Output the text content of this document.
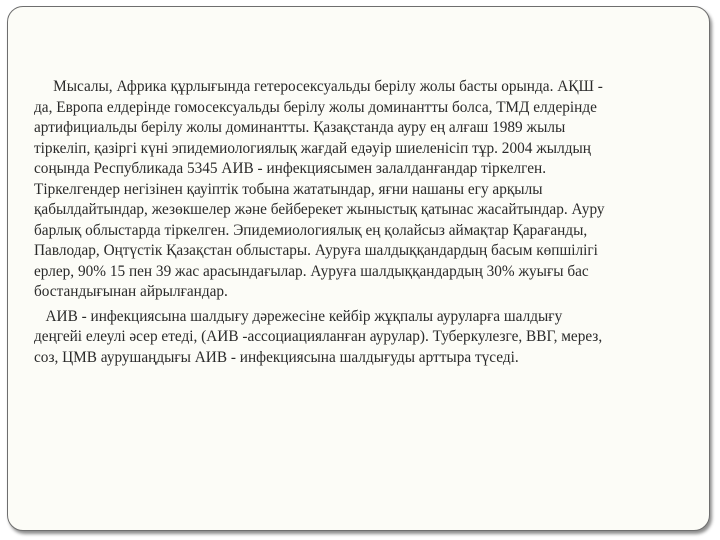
Мысалы, Африка құрлығында гетеросексуальды берілу жолы басты орында. АҚШ -
да, Европа елдерінде гомосексуальды берілу жолы доминантты болса, ТМД елдерінде
артифициальды берілу жолы доминантты. Қазақстанда ауру ең алғаш 1989 жылы
тіркеліп, қазіргі күні эпидемиологиялық жағдай едәуір шиеленісіп тұр. 2004 жылдың
соңында Республикада 5345 АИВ - инфекциясымен залалданғандар тіркелген.
Тіркелгендер негізінен қауіптік тобына жататындар, яғни нашаны егу арқылы
қабылдайтындар, жезөкшелер және бейберекет жыныстық қатынас жасайтындар. Ауру
барлық облыстарда тіркелген. Эпидемиологиялық ең қолайсыз аймақтар Қарағанды,
Павлодар, Оңтүстік Қазақстан облыстары. Ауруға шалдыққандардың басым көпшілігі
ерлер, 90% 15 пен 39 жас арасындағылар. Ауруға шалдыққандардың 30% жуығы бас
бостандығынан айрылғандар.

АИВ - инфекциясына шалдығу дәрежесіне кейбір жұқпалы ауруларға шалдығу
деңгейі елеулі әсер етеді, (АИВ -ассоциацияланған аурулар). Туберкулезге, ВВГ, мерез,
соз, ЦМВ аурушаңдығы АИВ - инфекциясына шалдығуды арттыра түседі.
